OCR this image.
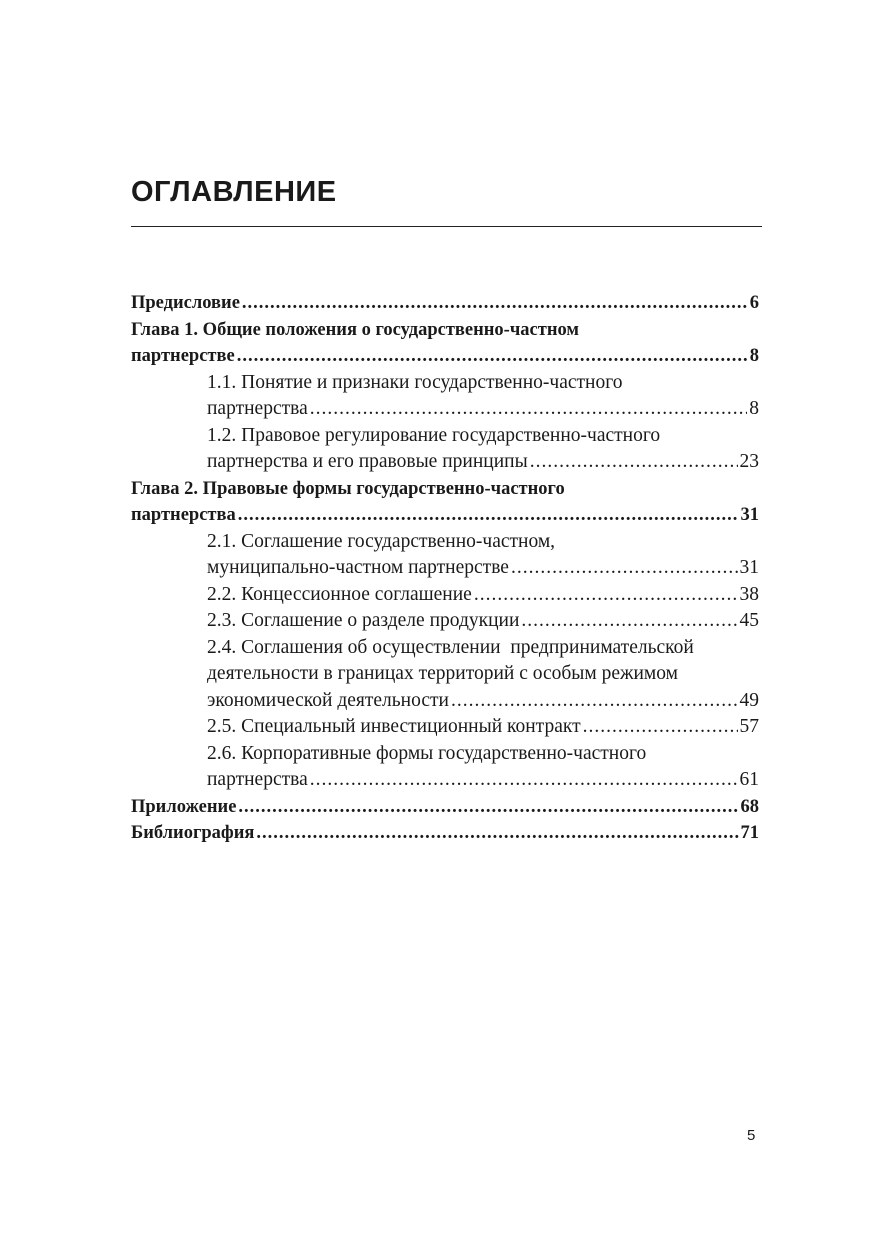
ОГЛАВЛЕНИЕ
Предисловие .....	6
Глава 1. Общие положения о государственно-частном
партнерстве .....	8
1.1. Понятие и признаки государственно-частного
партнерства .....	8
1.2. Правовое регулирование государственно-частного
партнерства и его правовые принципы .....	23
Глава 2. Правовые формы государственно-частного
партнерства .....	31
2.1. Соглашение государственно-частном,
муниципально-частном партнерстве .....	31
2.2. Концессионное соглашение .....	38
2.3. Соглашение о разделе продукции .....	45
2.4. Соглашения об осуществлении  предпринимательской
деятельности в границах территорий с особым режимом
экономической деятельности .....	49
2.5. Специальный инвестиционный контракт .....	57
2.6. Корпоративные формы государственно-частного
партнерства .....	61
Приложение .....	68
Библиография .....	71
5
